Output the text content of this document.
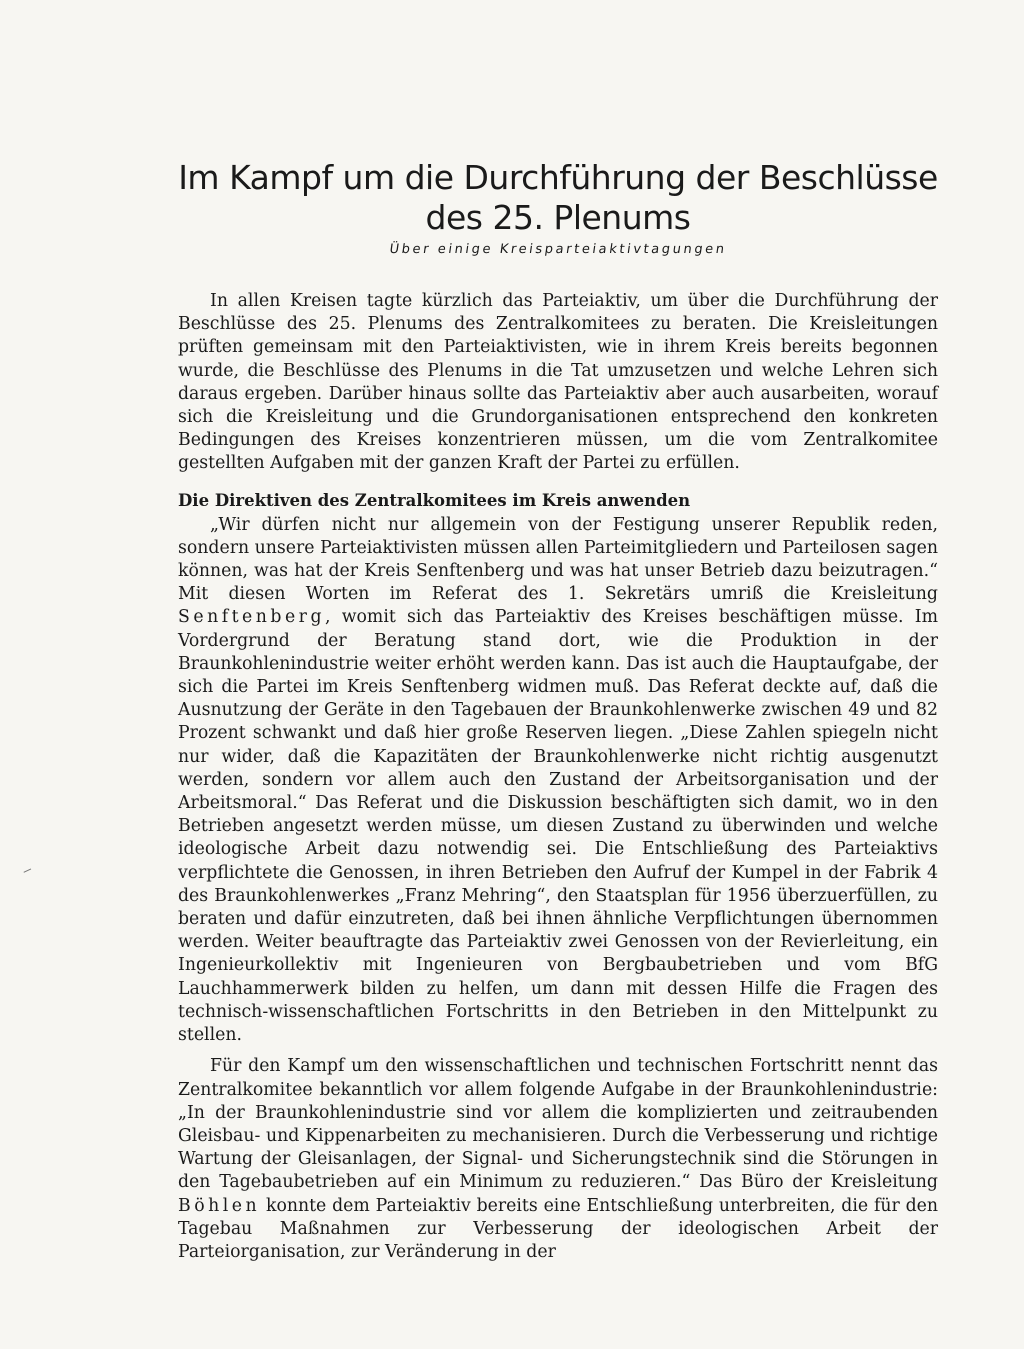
Im Kampf um die Durchführung der Beschlüsse
des 25. Plenums

Über einige Kreisparteiaktivtagungen

In allen Kreisen tagte kürzlich das Parteiaktiv, um über die Durchführung der Beschlüsse des 25. Plenums des Zentralkomitees zu beraten. Die Kreisleitungen prüften gemeinsam mit den Parteiaktivisten, wie in ihrem Kreis bereits begonnen wurde, die Beschlüsse des Plenums in die Tat umzusetzen und welche Lehren sich daraus ergeben. Darüber hinaus sollte das Parteiaktiv aber auch ausarbeiten, worauf sich die Kreisleitung und die Grundorganisationen entsprechend den konkreten Bedingungen des Kreises konzentrieren müssen, um die vom Zentralkomitee gestellten Aufgaben mit der ganzen Kraft der Partei zu erfüllen.

Die Direktiven des Zentralkomitees im Kreis anwenden

„Wir dürfen nicht nur allgemein von der Festigung unserer Republik reden, sondern unsere Parteiaktivisten müssen allen Parteimitgliedern und Parteilosen sagen können, was hat der Kreis Senftenberg und was hat unser Betrieb dazu beizutragen.“ Mit diesen Worten im Referat des 1. Sekretärs umriß die Kreisleitung Senftenberg, womit sich das Parteiaktiv des Kreises beschäftigen müsse. Im Vordergrund der Beratung stand dort, wie die Produktion in der Braunkohlenindustrie weiter erhöht werden kann. Das ist auch die Hauptaufgabe, der sich die Partei im Kreis Senftenberg widmen muß. Das Referat deckte auf, daß die Ausnutzung der Geräte in den Tagebauen der Braunkohlenwerke zwischen 49 und 82 Prozent schwankt und daß hier große Reserven liegen. „Diese Zahlen spiegeln nicht nur wider, daß die Kapazitäten der Braunkohlenwerke nicht richtig ausgenutzt werden, sondern vor allem auch den Zustand der Arbeitsorganisation und der Arbeitsmoral.“ Das Referat und die Diskussion beschäftigten sich damit, wo in den Betrieben angesetzt werden müsse, um diesen Zustand zu überwinden und welche ideologische Arbeit dazu notwendig sei. Die Entschließung des Parteiaktivs verpflichtete die Genossen, in ihren Betrieben den Aufruf der Kumpel in der Fabrik 4 des Braunkohlenwerkes „Franz Mehring“, den Staatsplan für 1956 überzuerfüllen, zu beraten und dafür einzutreten, daß bei ihnen ähnliche Verpflichtungen übernommen werden. Weiter beauftragte das Parteiaktiv zwei Genossen von der Revierleitung, ein Ingenieurkollektiv mit Ingenieuren von Bergbaubetrieben und vom BfG Lauchhammerwerk bilden zu helfen, um dann mit dessen Hilfe die Fragen des technisch-wissenschaftlichen Fortschritts in den Betrieben in den Mittelpunkt zu stellen.

Für den Kampf um den wissenschaftlichen und technischen Fortschritt nennt das Zentralkomitee bekanntlich vor allem folgende Aufgabe in der Braunkohlenindustrie: „In der Braunkohlenindustrie sind vor allem die komplizierten und zeitraubenden Gleisbau- und Kippenarbeiten zu mechanisieren. Durch die Verbesserung und richtige Wartung der Gleisanlagen, der Signal- und Sicherungstechnik sind die Störungen in den Tagebaubetrieben auf ein Minimum zu reduzieren.“ Das Büro der Kreisleitung Böhlen konnte dem Parteiaktiv bereits eine Entschließung unterbreiten, die für den Tagebau Maßnahmen zur Verbesserung der ideologischen Arbeit der Parteiorganisation, zur Veränderung in der
